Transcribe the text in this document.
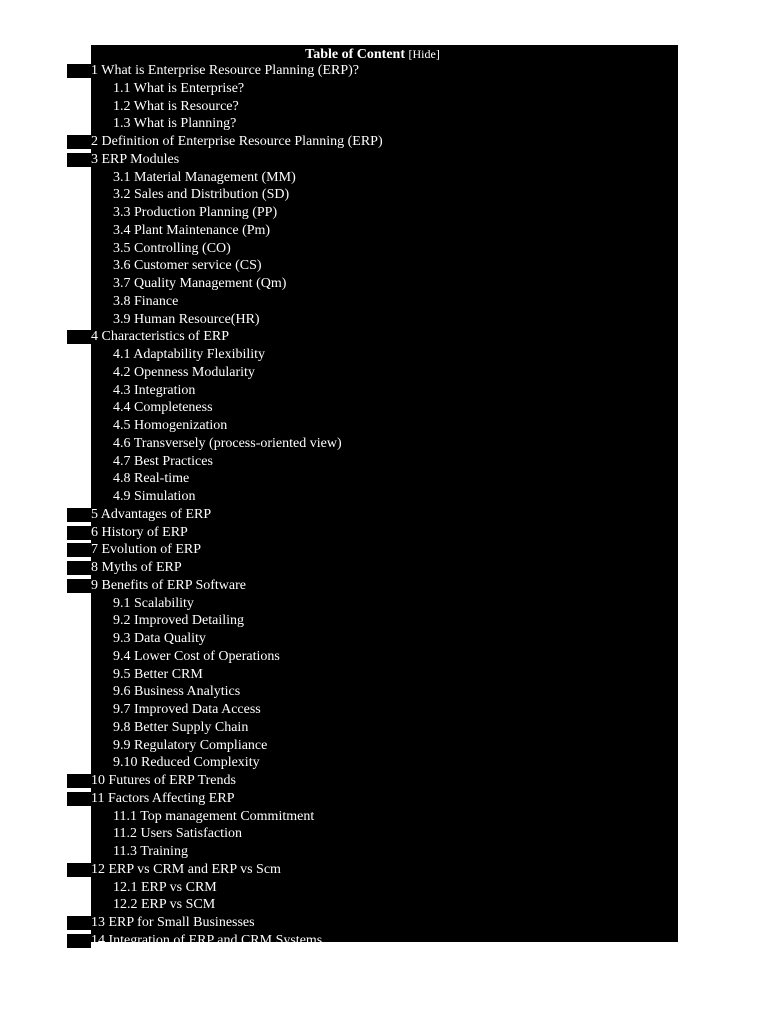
Table of Content [Hide]
1 What is Enterprise Resource Planning (ERP)?
1.1 What is Enterprise?
1.2 What is Resource?
1.3 What is Planning?
2 Definition of Enterprise Resource Planning (ERP)
3 ERP Modules
3.1 Material Management (MM)
3.2 Sales and Distribution (SD)
3.3 Production Planning (PP)
3.4 Plant Maintenance (Pm)
3.5 Controlling (CO)
3.6 Customer service (CS)
3.7 Quality Management (Qm)
3.8 Finance
3.9 Human Resource(HR)
4 Characteristics of ERP
4.1 Adaptability Flexibility
4.2 Openness Modularity
4.3 Integration
4.4 Completeness
4.5 Homogenization
4.6 Transversely (process-oriented view)
4.7 Best Practices
4.8 Real-time
4.9 Simulation
5 Advantages of ERP
6 History of ERP
7 Evolution of ERP
8 Myths of ERP
9 Benefits of ERP Software
9.1 Scalability
9.2 Improved Detailing
9.3 Data Quality
9.4 Lower Cost of Operations
9.5 Better CRM
9.6 Business Analytics
9.7 Improved Data Access
9.8 Better Supply Chain
9.9 Regulatory Compliance
9.10 Reduced Complexity
10 Futures of ERP Trends
11 Factors Affecting ERP
11.1 Top management Commitment
11.2 Users Satisfaction
11.3 Training
12 ERP vs CRM and ERP vs Scm
12.1 ERP vs CRM
12.2 ERP vs SCM
13 ERP for Small Businesses
14 Integration of ERP and CRM Systems
